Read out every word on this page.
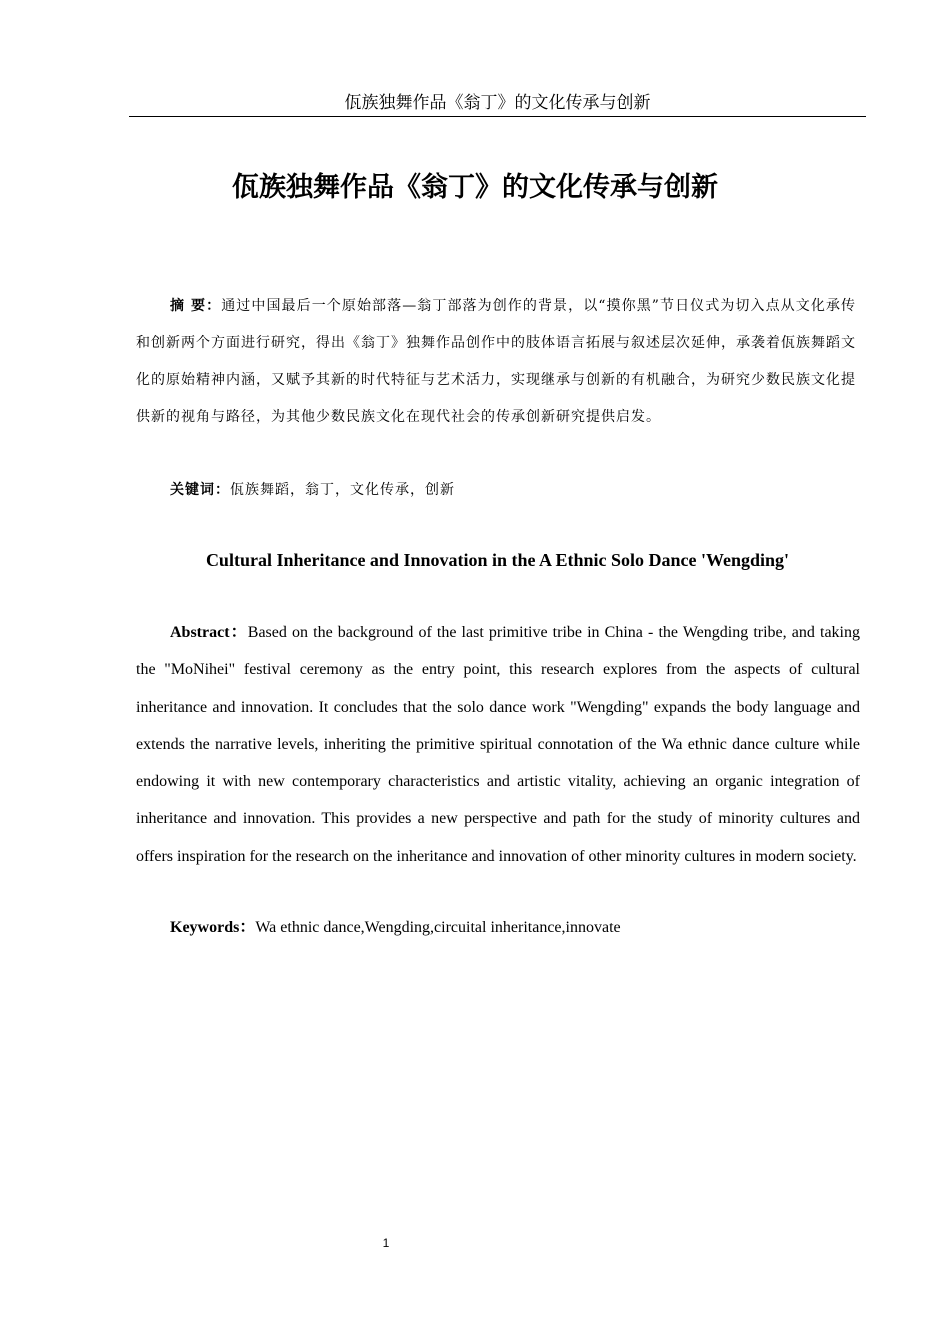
佤族独舞作品《翁丁》的文化传承与创新
佤族独舞作品《翁丁》的文化传承与创新

摘 要：通过中国最后一个原始部落—翁丁部落为创作的背景，以“摸你黑”节日仪式为切入点从文化承传和创新两个方面进行研究，得出《翁丁》独舞作品创作中的肢体语言拓展与叙述层次延伸，承袭着佤族舞蹈文化的原始精神内涵，又赋予其新的时代特征与艺术活力，实现继承与创新的有机融合，为研究少数民族文化提供新的视角与路径，为其他少数民族文化在现代社会的传承创新研究提供启发。

关键词：佤族舞蹈，翁丁，文化传承，创新

Cultural Inheritance and Innovation in the A Ethnic Solo Dance 'Wengding'

Abstract：Based on the background of the last primitive tribe in China - the Wengding tribe, and taking the "MoNihei" festival ceremony as the entry point, this research explores from the aspects of cultural inheritance and innovation. It concludes that the solo dance work "Wengding" expands the body language and extends the narrative levels, inheriting the primitive spiritual connotation of the Wa ethnic dance culture while endowing it with new contemporary characteristics and artistic vitality, achieving an organic integration of inheritance and innovation. This provides a new perspective and path for the study of minority cultures and offers inspiration for the research on the inheritance and innovation of other minority cultures in modern society.

Keywords：Wa ethnic dance,Wengding,circuital inheritance,innovate

1
